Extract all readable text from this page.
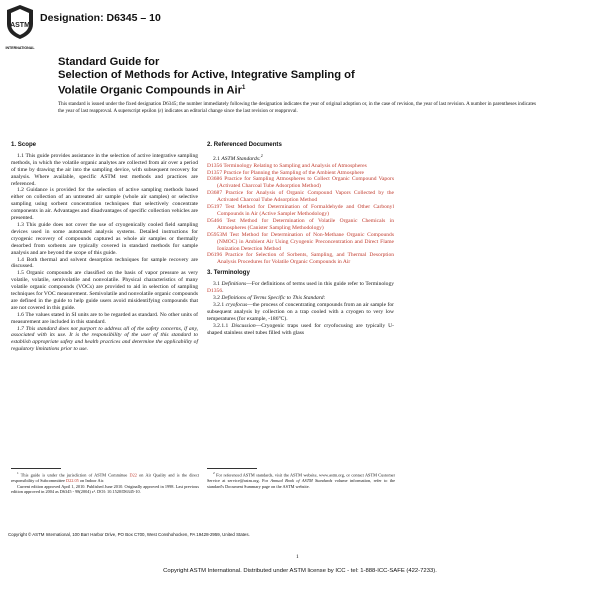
ASTM
INTERNATIONAL
Designation: D6345 – 10
Standard Guide for
Selection of Methods for Active, Integrative Sampling of
Volatile Organic Compounds in Air$^1$
This standard is issued under the fixed designation D6345; the number immediately following the designation indicates the year of original adoption or, in the case of revision, the year of last revision. A number in parentheses indicates the year of last reapproval. A superscript epsilon (ε) indicates an editorial change since the last revision or reapproval.
1. Scope

1.1 This guide provides assistance in the selection of active integrative sampling methods, in which the volatile organic analytes are collected from air over a period of time by drawing the air into the sampling device, with subsequent recovery for analysis. Where available, specific ASTM test methods and practices are referenced.

1.2 Guidance is provided for the selection of active sampling methods based either on collection of an untreated air sample (whole air samples) or selective sampling using sorbent concentration techniques that selectively concentrate components in air. Advantages and disadvantages of specific collection vehicles are presented.

1.3 This guide does not cover the use of cryogenically cooled field sampling devices used in some automated analysis systems. Detailed instructions for cryogenic recovery of compounds captured as whole air samples or thermally desorbed from sorbents are typically covered in standard methods for sample analysis and are beyond the scope of this guide.

1.4 Both thermal and solvent desorption techniques for sample recovery are discussed.

1.5 Organic compounds are classified on the basis of vapor pressure as very volatile, volatile, semivolatile and nonvolatile. Physical characteristics of many volatile organic compounds (VOCs) are provided to aid in selection of sampling techniques for VOC measurement. Semivolatile and nonvolatile organic compounds are defined in the guide to help guide users avoid misidentifying compounds that are not covered in this guide.

1.6 The values stated in SI units are to be regarded as standard. No other units of measurement are included in this standard.

1.7 This standard does not purport to address all of the safety concerns, if any, associated with its use. It is the responsibility of the user of this standard to establish appropriate safety and health practices and determine the applicability of regulatory limitations prior to use.

2. Referenced Documents

2.1 ASTM Standards:$^2$

D1356 Terminology Relating to Sampling and Analysis of Atmospheres

D1357 Practice for Planning the Sampling of the Ambient Atmosphere

D3686 Practice for Sampling Atmospheres to Collect Organic Compound Vapors (Activated Charcoal Tube Adsorption Method)

D3687 Practice for Analysis of Organic Compound Vapors Collected by the Activated Charcoal Tube Adsorption Method

D5197 Test Method for Determination of Formaldehyde and Other Carbonyl Compounds in Air (Active Sampler Methodology)

D5466 Test Method for Determination of Volatile Organic Chemicals in Atmospheres (Canister Sampling Methodology)

D5953M Test Method for Determination of Non-Methane Organic Compounds (NMOC) in Ambient Air Using Cryogenic Preconcentration and Direct Flame Ionization Detection Method

D6196 Practice for Selection of Sorbents, Sampling, and Thermal Desorption Analysis Procedures for Volatile Organic Compounds in Air

3. Terminology

3.1 Definitions—For definitions of terms used in this guide refer to Terminology D1356.

3.2 Definitions of Terms Specific to This Standard:

3.2.1 cryofocus—the process of concentrating compounds from an air sample for subsequent analysis by collection on a trap cooled with a cryogen to very low temperatures (for example, -186°C).

3.2.1.1 Discussion—Cryogenic traps used for cryofocusing are typically U-shaped stainless steel tubes filled with glass

$^1$ This guide is under the jurisdiction of ASTM Committee D22 on Air Quality and is the direct responsibility of Subcommittee D22.05 on Indoor Air.

Current edition approved April 1, 2010. Published June 2010. Originally approved in 1998. Last previous edition approved in 2004 as D6345 - 98(2004) ε¹. DOI: 10.1520/D6345-10.

$^2$ For referenced ASTM standards, visit the ASTM website, www.astm.org, or contact ASTM Customer Service at service@astm.org. For Annual Book of ASTM Standards volume information, refer to the standard's Document Summary page on the ASTM website.

Copyright © ASTM International, 100 Barr Harbor Drive, PO Box C700, West Conshohocken, PA 19428-2959, United States.
1
Copyright ASTM International. Distributed under ASTM license by ICC - tel: 1-888-ICC-SAFE (422-7233).
